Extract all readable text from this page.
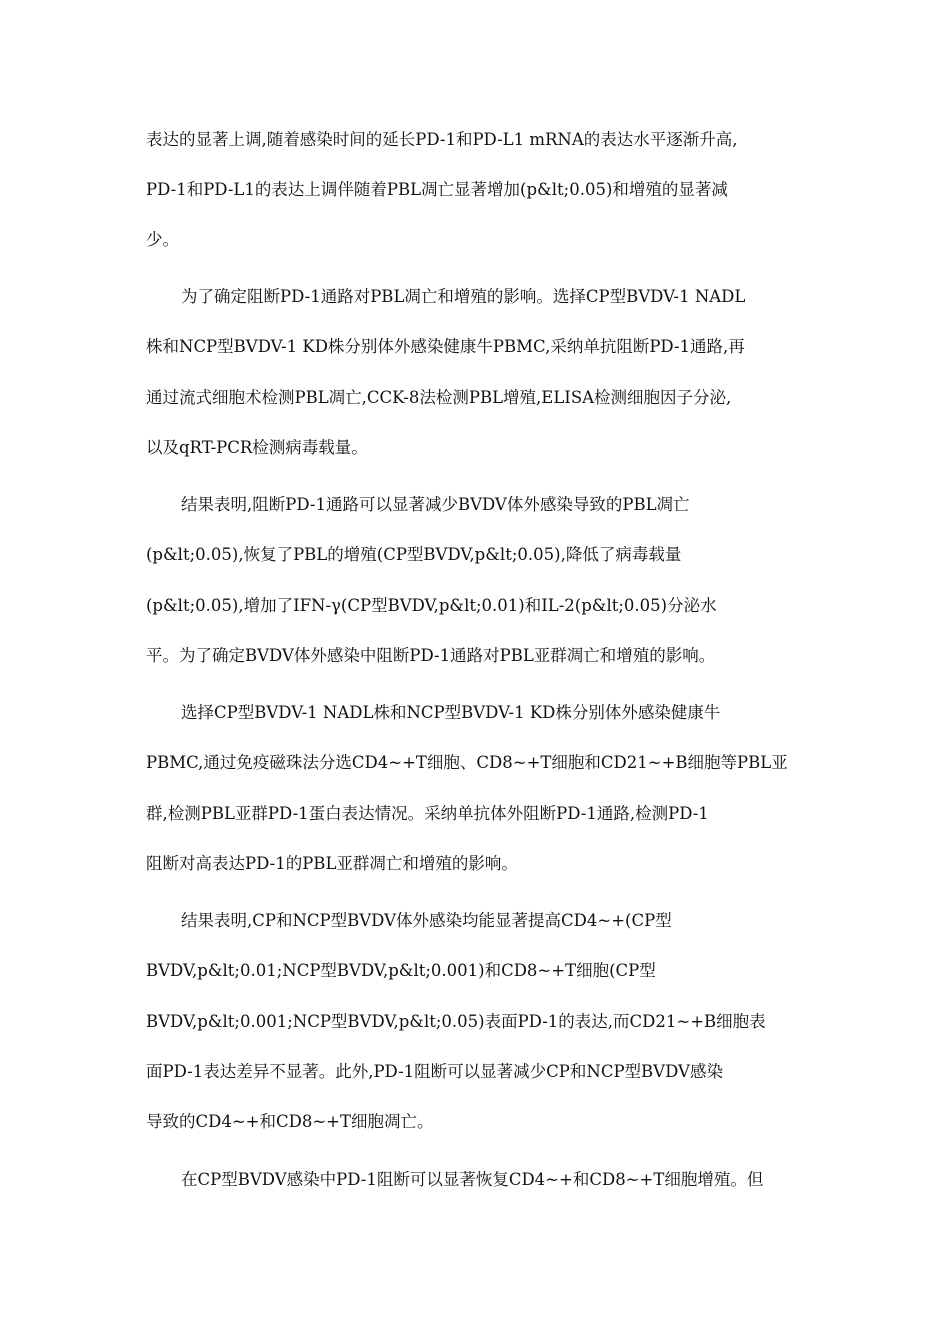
表达的显著上调,随着感染时间的延长PD-1和PD-L1 mRNA的表达水平逐渐升高,
PD-1和PD-L1的表达上调伴随着PBL凋亡显著增加(p&lt;0.05)和增殖的显著减
少。
为了确定阻断PD-1通路对PBL凋亡和增殖的影响。选择CP型BVDV-1 NADL
株和NCP型BVDV-1 KD株分别体外感染健康牛PBMC,采纳单抗阻断PD-1通路,再
通过流式细胞术检测PBL凋亡,CCK-8法检测PBL增殖,ELISA检测细胞因子分泌,
以及qRT-PCR检测病毒载量。
结果表明,阻断PD-1通路可以显著减少BVDV体外感染导致的PBL凋亡
(p&lt;0.05),恢复了PBL的增殖(CP型BVDV,p&lt;0.05),降低了病毒载量
(p&lt;0.05),增加了IFN-γ(CP型BVDV,p&lt;0.01)和IL-2(p&lt;0.05)分泌水
平。为了确定BVDV体外感染中阻断PD-1通路对PBL亚群凋亡和增殖的影响。
选择CP型BVDV-1 NADL株和NCP型BVDV-1 KD株分别体外感染健康牛
PBMC,通过免疫磁珠法分选CD4~+T细胞、CD8~+T细胞和CD21~+B细胞等PBL亚
群,检测PBL亚群PD-1蛋白表达情况。采纳单抗体外阻断PD-1通路,检测PD-1
阻断对高表达PD-1的PBL亚群凋亡和增殖的影响。
结果表明,CP和NCP型BVDV体外感染均能显著提高CD4~+(CP型
BVDV,p&lt;0.01;NCP型BVDV,p&lt;0.001)和CD8~+T细胞(CP型
BVDV,p&lt;0.001;NCP型BVDV,p&lt;0.05)表面PD-1的表达,而CD21~+B细胞表
面PD-1表达差异不显著。此外,PD-1阻断可以显著减少CP和NCP型BVDV感染
导致的CD4~+和CD8~+T细胞凋亡。
在CP型BVDV感染中PD-1阻断可以显著恢复CD4~+和CD8~+T细胞增殖。但
